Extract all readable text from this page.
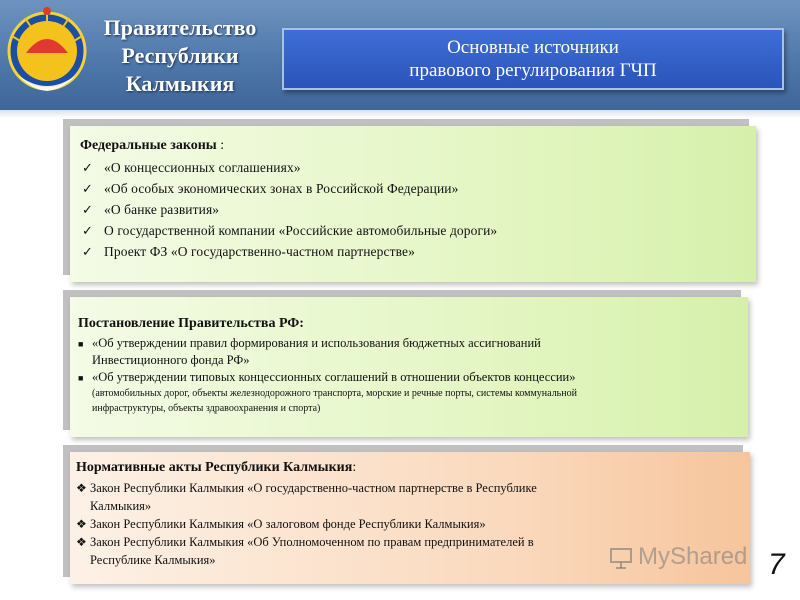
Правительство
Республики
Калмыкия
Основные источники
правового регулирования ГЧП
Федеральные законы :
✓ «О концессионных соглашениях»
✓ «Об особых экономических зонах в Российской Федерации»
✓ «О банке развития»
✓ О государственной компании «Российские автомобильные дороги»
✓ Проект ФЗ «О государственно-частном партнерстве»
Постановление Правительства РФ:
■ «Об утверждении правил формирования и использования бюджетных ассигнований
Инвестиционного фонда РФ»
■ «Об утверждении типовых концессионных соглашений в отношении объектов концессии»
(автомобильных дорог, объекты железнодорожного транспорта, морские и речные порты, системы коммунальной
инфраструктуры, объекты здравоохранения и спорта)
Нормативные акты Республики Калмыкия:
❖ Закон Республики Калмыкия «О государственно-частном партнерстве в Республике
Калмыкия»
❖ Закон Республики Калмыкия «О залоговом фонде Республики Калмыкия»
❖ Закон Республики Калмыкия «Об Уполномоченном по правам предпринимателей в
Республике Калмыкия»	MyShared 7
